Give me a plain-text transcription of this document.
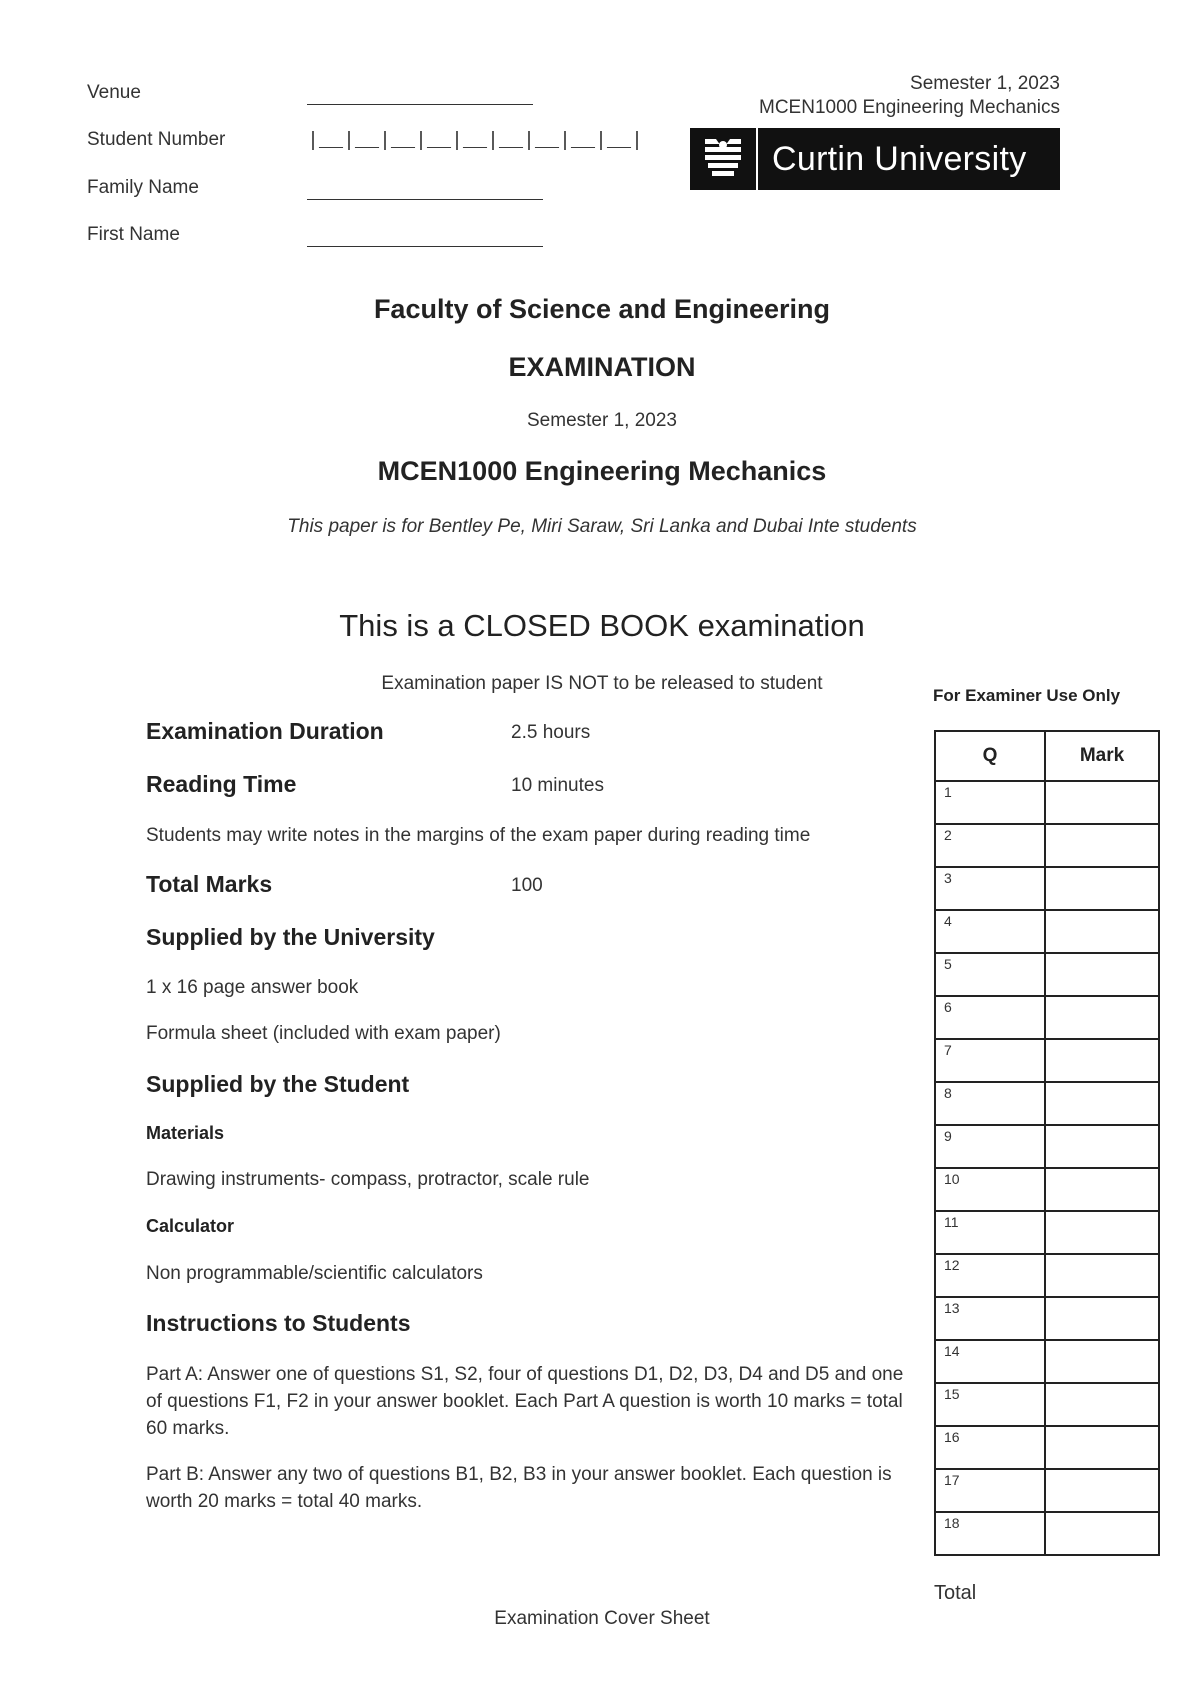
Venue
Student Number	|__|__|__|__|__|__|__|__|__|
Family Name
First Name
Semester 1, 2023
MCEN1000 Engineering Mechanics
Curtin University
Faculty of Science and Engineering
EXAMINATION
Semester 1, 2023
MCEN1000 Engineering Mechanics
This paper is for Bentley Pe, Miri Saraw, Sri Lanka and Dubai Inte students
This is a CLOSED BOOK examination
Examination paper IS NOT to be released to student
Examination Duration	2.5 hours
Reading Time	10 minutes
Students may write notes in the margins of the exam paper during reading time
Total Marks	100
Supplied by the University
1 x 16 page answer book
Formula sheet (included with exam paper)
Supplied by the Student
Materials
Drawing instruments- compass, protractor, scale rule
Calculator
Non programmable/scientific calculators
Instructions to Students
Part A: Answer one of questions S1, S2, four of questions D1, D2, D3, D4 and D5 and one of questions F1, F2 in your answer booklet. Each Part A question is worth 10 marks = total 60 marks.
Part B: Answer any two of questions B1, B2, B3 in your answer booklet. Each question is worth 20 marks = total 40 marks.
For Examiner Use Only
Q	Mark
1	
2	
3	
4	
5	
6	
7	
8	
9	
10	
11	
12	
13	
14	
15	
16	
17	
18	
Total
Examination Cover Sheet
